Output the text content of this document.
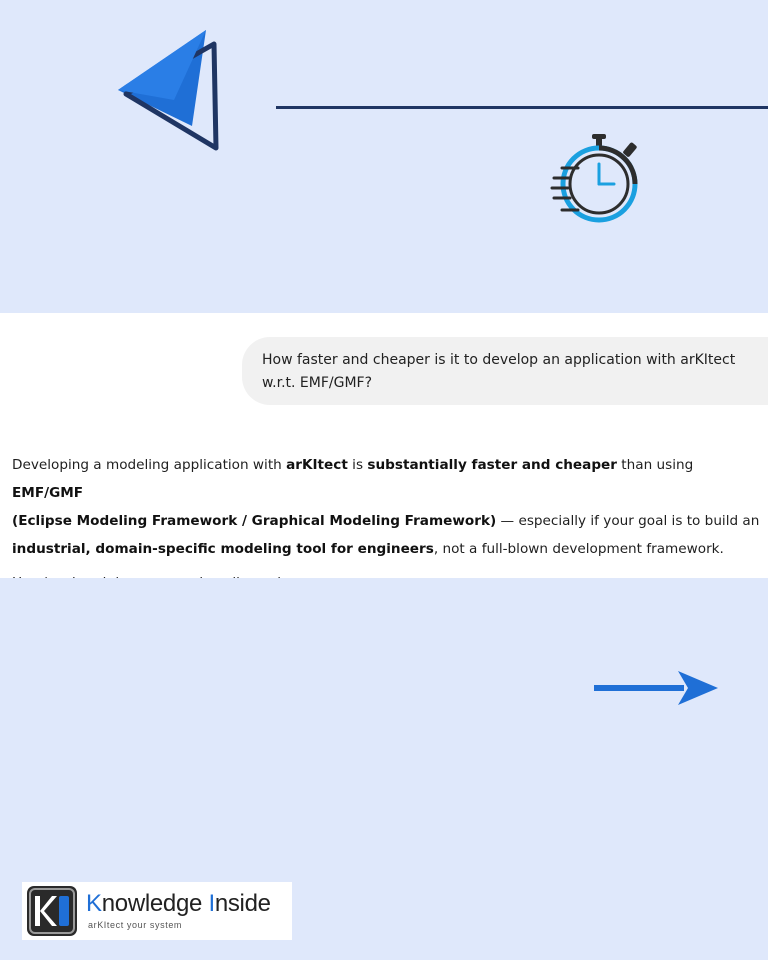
How faster and cheaper is it to develop an application with arKItect
w.r.t. EMF/GMF?

Developing a modeling application with arKItect is substantially faster and cheaper than using EMF/GMF
(Eclipse Modeling Framework / Graphical Modeling Framework) — especially if your goal is to build an
industrial, domain-specific modeling tool for engineers, not a full-blown development framework.

Knowledge Inside
arKItect your system
